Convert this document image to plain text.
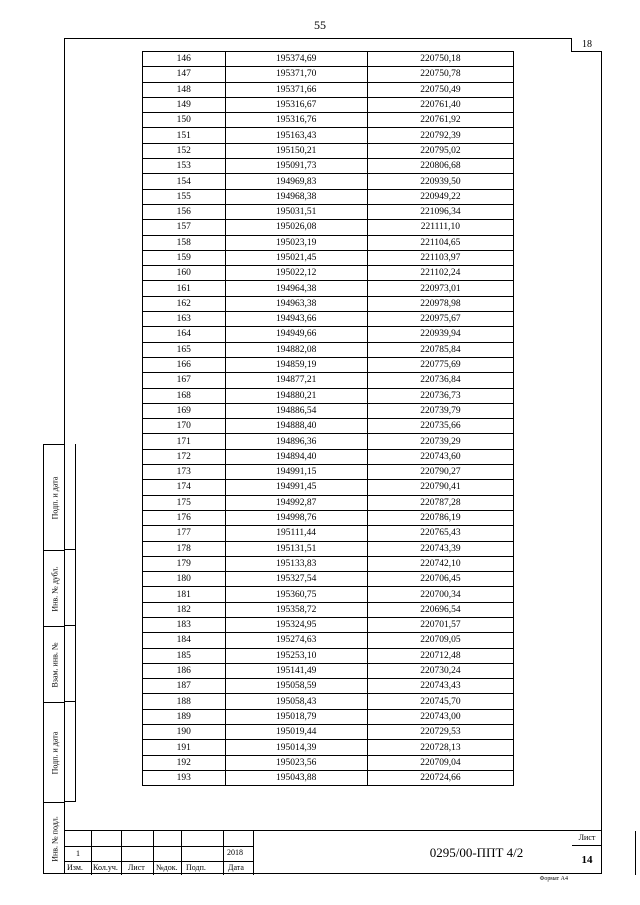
55
18
146	195374,69	220750,18
147	195371,70	220750,78
148	195371,66	220750,49
149	195316,67	220761,40
150	195316,76	220761,92
151	195163,43	220792,39
152	195150,21	220795,02
153	195091,73	220806,68
154	194969,83	220939,50
155	194968,38	220949,22
156	195031,51	221096,34
157	195026,08	221111,10
158	195023,19	221104,65
159	195021,45	221103,97
160	195022,12	221102,24
161	194964,38	220973,01
162	194963,38	220978,98
163	194943,66	220975,67
164	194949,66	220939,94
165	194882,08	220785,84
166	194859,19	220775,69
167	194877,21	220736,84
168	194880,21	220736,73
169	194886,54	220739,79
170	194888,40	220735,66
171	194896,36	220739,29
172	194894,40	220743,60
173	194991,15	220790,27
174	194991,45	220790,41
175	194992,87	220787,28
176	194998,76	220786,19
177	195111,44	220765,43
178	195131,51	220743,39
179	195133,83	220742,10
180	195327,54	220706,45
181	195360,75	220700,34
182	195358,72	220696,54
183	195324,95	220701,57
184	195274,63	220709,05
185	195253,10	220712,48
186	195141,49	220730,24
187	195058,59	220743,43
188	195058,43	220745,70
189	195018,79	220743,00
190	195019,44	220729,53
191	195014,39	220728,13
192	195023,56	220709,04
193	195043,88	220724,66
Подп. и дата
Инв. № дубл.
Взам. инв. №
Подп. и дата
Инв. № подл. 1
Изм. Кол.уч. Лист №док. Подп.
2018
Дата
0295/00-ППТ 4/2
Лист
14
Формат А4
